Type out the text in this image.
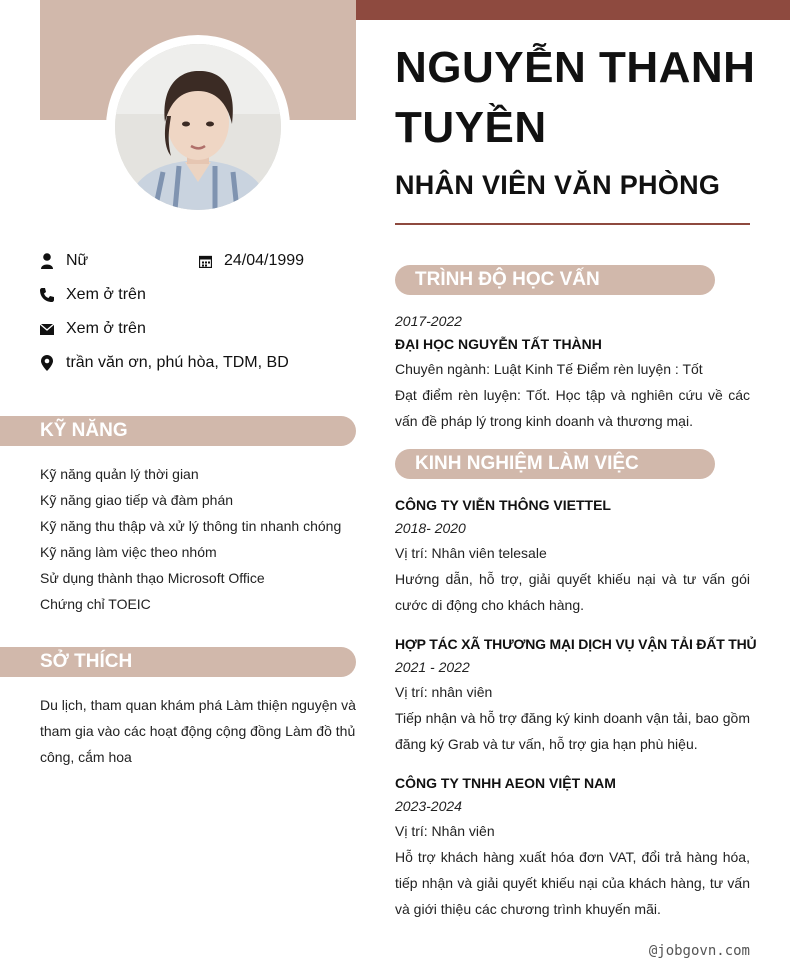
NGUYỄN THANH TUYỀN
NHÂN VIÊN VĂN PHÒNG
Nữ	24/04/1999
Xem ở trên
Xem ở trên
trần văn ơn, phú hòa, TDM, BD
KỸ NĂNG
Kỹ năng quản lý thời gian
Kỹ năng giao tiếp và đàm phán
Kỹ năng thu thập và xử lý thông tin nhanh chóng
Kỹ năng làm việc theo nhóm
Sử dụng thành thạo Microsoft Office
Chứng chỉ TOEIC
SỞ THÍCH
Du lịch, tham quan khám phá Làm thiện nguyện và tham gia vào các hoạt động cộng đồng Làm đồ thủ công, cắm hoa
TRÌNH ĐỘ HỌC VẤN
2017-2022
ĐẠI HỌC NGUYỄN TẤT THÀNH
Chuyên ngành: Luật Kinh Tế Điểm rèn luyện : Tốt
Đạt điểm rèn luyện: Tốt. Học tập và nghiên cứu về các vấn đề pháp lý trong kinh doanh và thương mại.
KINH NGHIỆM LÀM VIỆC
CÔNG TY VIỄN THÔNG VIETTEL
2018- 2020
Vị trí: Nhân viên telesale
Hướng dẫn, hỗ trợ, giải quyết khiếu nại và tư vấn gói cước di động cho khách hàng.
HỢP TÁC XÃ THƯƠNG MẠI DỊCH VỤ VẬN TẢI ĐẤT THỦ
2021 - 2022
Vị trí: nhân viên
Tiếp nhận và hỗ trợ đăng ký kinh doanh vận tải, bao gồm đăng ký Grab và tư vấn, hỗ trợ gia hạn phù hiệu.
CÔNG TY TNHH AEON VIỆT NAM
2023-2024
Vị trí: Nhân viên
Hỗ trợ khách hàng xuất hóa đơn VAT, đổi trả hàng hóa, tiếp nhận và giải quyết khiếu nại của khách hàng, tư vấn và giới thiệu các chương trình khuyến mãi.
@jobgovn.com
